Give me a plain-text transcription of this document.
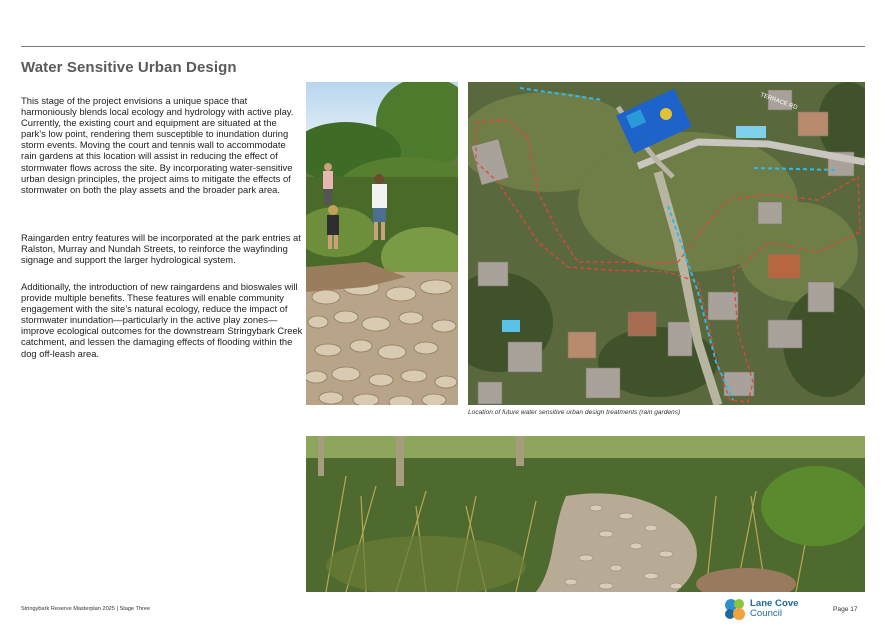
Water Sensitive Urban Design
This stage of the project envisions a unique space that harmoniously blends local ecology and hydrology with active play. Currently, the existing court and equipment are situated at the park’s low point, rendering them susceptible to inundation during storm events. Moving the court and tennis wall to accommodate rain gardens at this location will assist in reducing the effect of stormwater flows across the site. By incorporating water-sensitive urban design principles, the project aims to mitigate the effects of stormwater on both the play assets and the broader park area.
Raingarden entry features will be incorporated at the park entries at Ralston, Murray and Nundah Streets, to reinforce the wayfinding signage and support the larger hydrological system.
Additionally, the introduction of new raingardens and bioswales will provide multiple benefits. These features will enable community engagement with the site’s natural ecology, reduce the impact of stormwater inundation—particularly in the active play zones—improve ecological outcomes for the downstream Stringybark Creek catchment, and lessen the damaging effects of flooding within the dog off-leash area.
TERRACE RD
Location of future water sensitive urban design treatments (rain gardens)
Stringybark Reserve Masterplan 2025 | Stage Three	Lane Cove
Council	Page 17
